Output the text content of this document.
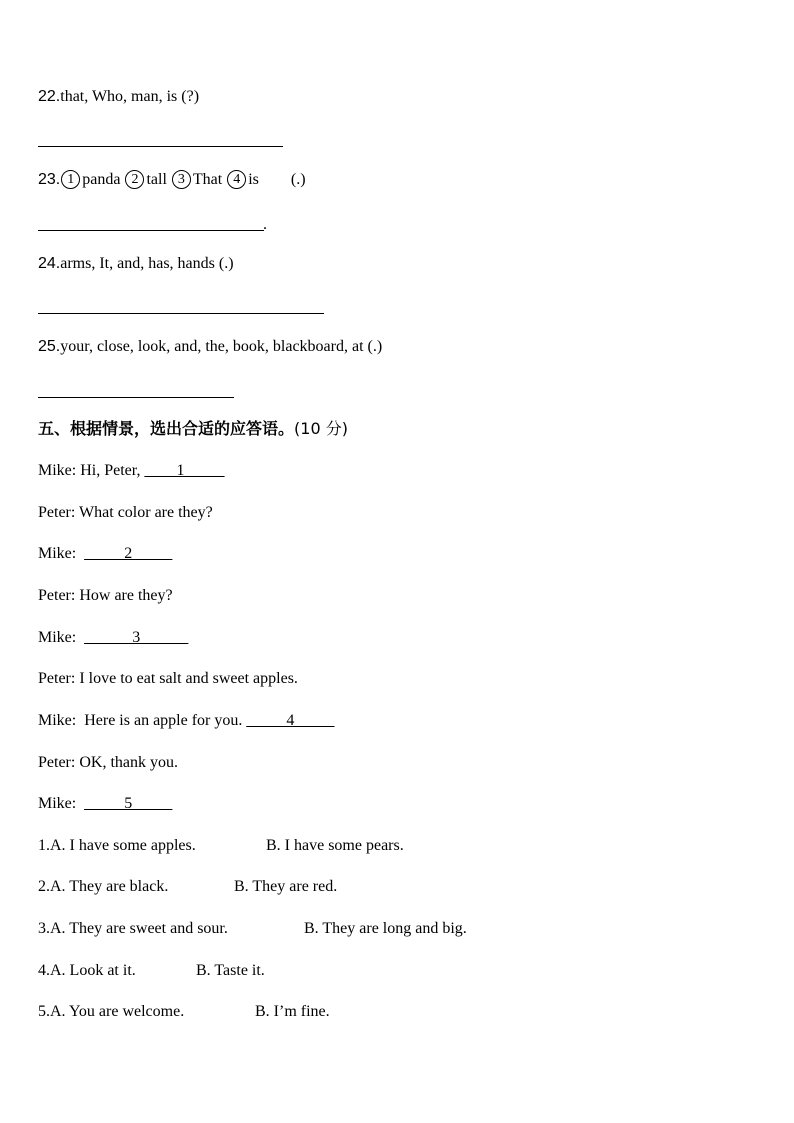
22.that, Who, man, is (?)
23. 1 panda 2 tall 3 That 4 is (.)
.
24.arms, It, and, has, hands (.)
25.your, close, look, and, the, book, blackboard, at (.)
五、根据情景，选出合适的应答语。(10 分)
Mike: Hi, Peter, ____1_____
Peter: What color are they?
Mike: _____2_____
Peter: How are they?
Mike: ______3______
Peter: I love to eat salt and sweet apples.
Mike: Here is an apple for you. _____4_____
Peter: OK, thank you.
Mike: _____5_____
1.A. I have some apples.	B. I have some pears.
2.A. They are black.	B. They are red.
3.A. They are sweet and sour.	B. They are long and big.
4.A. Look at it.	B. Taste it.
5.A. You are welcome.	B. I’m fine.
